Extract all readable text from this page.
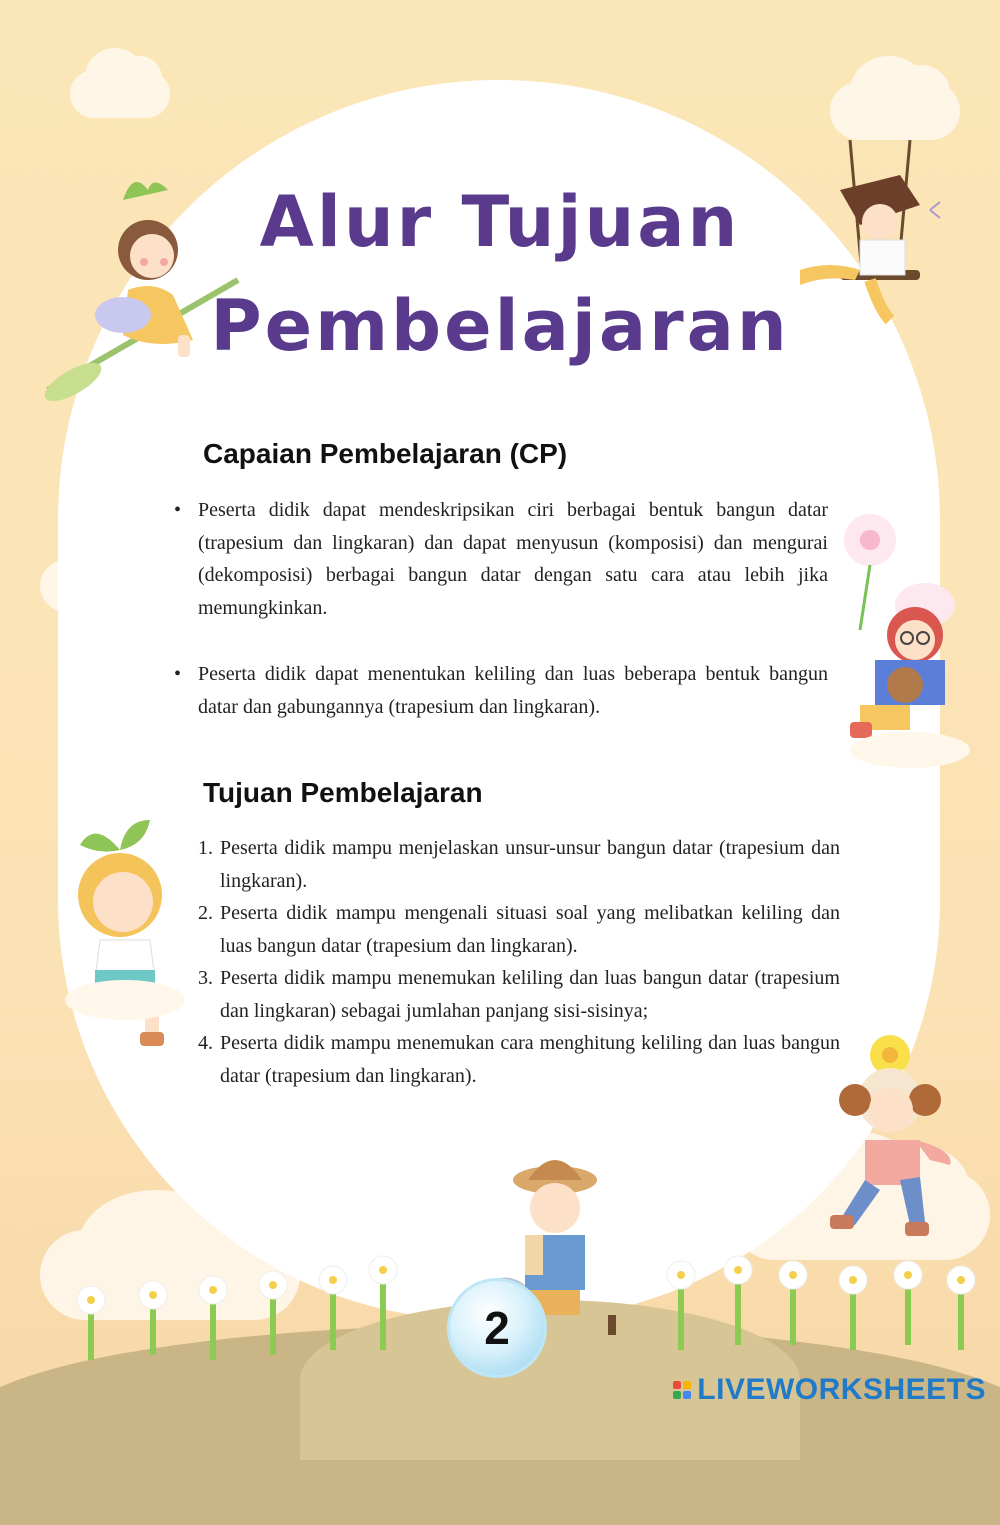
Alur Tujuan
Pembelajaran
Capaian Pembelajaran (CP)
• Peserta didik dapat mendeskripsikan ciri berbagai bentuk bangun datar (trapesium dan lingkaran) dan dapat menyusun (komposisi) dan mengurai (dekomposisi) berbagai bangun datar dengan satu cara atau lebih jika memungkinkan.
• Peserta didik dapat menentukan keliling dan luas beberapa bentuk bangun datar dan gabungannya (trapesium dan lingkaran).
Tujuan Pembelajaran
1. Peserta didik mampu menjelaskan unsur-unsur bangun datar (trapesium dan lingkaran).
2. Peserta didik mampu mengenali situasi soal yang melibatkan keliling dan luas bangun datar (trapesium dan lingkaran).
3. Peserta didik mampu menemukan keliling dan luas bangun datar (trapesium dan lingkaran) sebagai jumlahan panjang sisi-sisinya;
4. Peserta didik mampu menemukan cara menghitung keliling dan luas bangun datar (trapesium dan lingkaran).
2
LIVEWORKSHEETS
